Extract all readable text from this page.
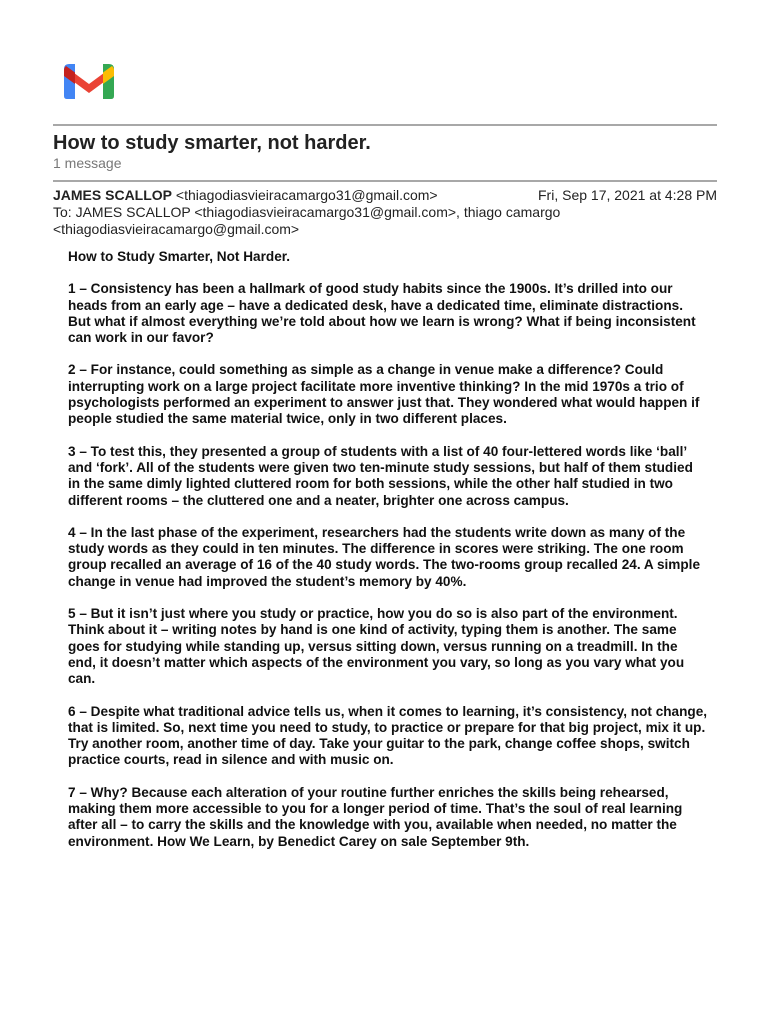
How to study smarter, not harder.
1 message
JAMES SCALLOP <thiagodiasvieiracamargo31@gmail.com>	Fri, Sep 17, 2021 at 4:28 PM
To: JAMES SCALLOP <thiagodiasvieiracamargo31@gmail.com>, thiago camargo <thiagodiasvieiracamargo@gmail.com>

How to Study Smarter, Not Harder.

1 – Consistency has been a hallmark of good study habits since the 1900s. It’s drilled into our heads from an early age – have a dedicated desk, have a dedicated time, eliminate distractions. But what if almost everything we’re told about how we learn is wrong? What if being inconsistent can work in our favor?

2 – For instance, could something as simple as a change in venue make a difference? Could interrupting work on a large project facilitate more inventive thinking? In the mid 1970s a trio of psychologists performed an experiment to answer just that. They wondered what would happen if people studied the same material twice, only in two different places.

3 – To test this, they presented a group of students with a list of 40 four-lettered words like ‘ball’ and ‘fork’. All of the students were given two ten-minute study sessions, but half of them studied in the same dimly lighted cluttered room for both sessions, while the other half studied in two different rooms – the cluttered one and a neater, brighter one across campus.

4 – In the last phase of the experiment, researchers had the students write down as many of the study words as they could in ten minutes. The difference in scores were striking. The one room group recalled an average of 16 of the 40 study words. The two-rooms group recalled 24. A simple change in venue had improved the student’s memory by 40%.

5 – But it isn’t just where you study or practice, how you do so is also part of the environment. Think about it – writing notes by hand is one kind of activity, typing them is another. The same goes for studying while standing up, versus sitting down, versus running on a treadmill. In the end, it doesn’t matter which aspects of the environment you vary, so long as you vary what you can.

6 – Despite what traditional advice tells us, when it comes to learning, it’s consistency, not change, that is limited. So, next time you need to study, to practice or prepare for that big project, mix it up. Try another room, another time of day. Take your guitar to the park, change coffee shops, switch practice courts, read in silence and with music on.

7 – Why? Because each alteration of your routine further enriches the skills being rehearsed, making them more accessible to you for a longer period of time. That’s the soul of real learning after all – to carry the skills and the knowledge with you, available when needed, no matter the environment. How We Learn, by Benedict Carey on sale September 9th.
